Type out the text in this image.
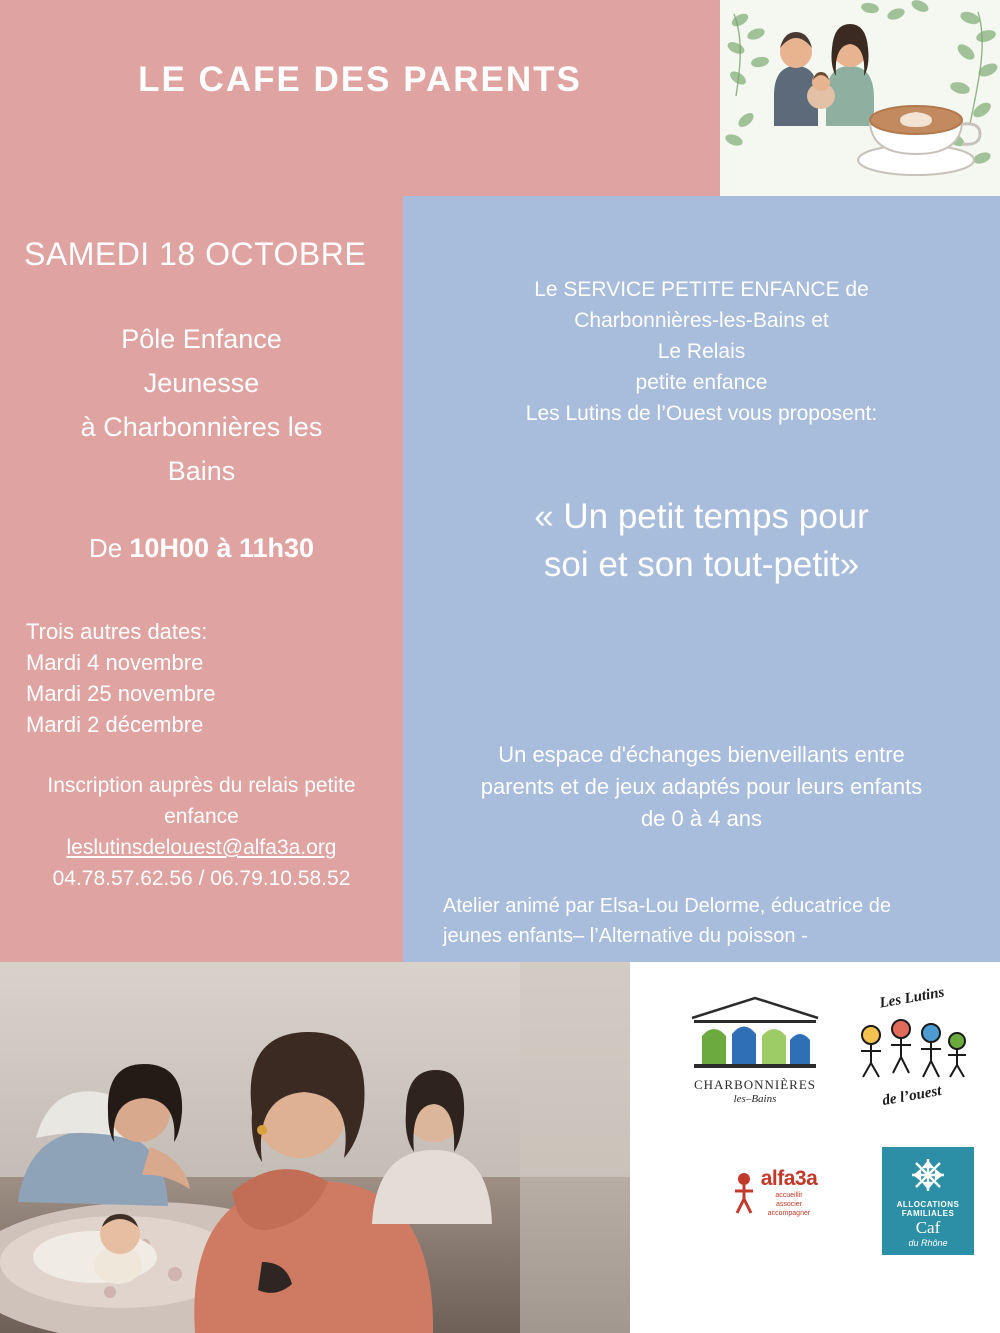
LE CAFE DES PARENTS
SAMEDI 18 OCTOBRE
Pôle Enfance
Jeunesse
à Charbonnières les
Bains
De 10H00 à 11h30
Trois autres dates:
Mardi 4 novembre
Mardi 25 novembre
Mardi 2 décembre
Inscription auprès du relais petite
enfance
leslutinsdelouest@alfa3a.org
04.78.57.62.56 / 06.79.10.58.52
Le SERVICE PETITE ENFANCE de
Charbonnières-les-Bains et
Le Relais
petite enfance
Les Lutins de l’Ouest vous proposent:
« Un petit temps pour
soi et son tout-petit»
Un espace d'échanges bienveillants entre
parents et de jeux adaptés pour leurs enfants
de 0 à 4 ans
Atelier animé par Elsa-Lou Delorme, éducatrice de
jeunes enfants– l’Alternative du poisson -
CHARBONNIÈRES
les–Bains
Les Lutins
de l’ouest
alfa3a
accueillir
associer
accompagner
ALLOCATIONS
FAMILIALES
Caf
du Rhône
